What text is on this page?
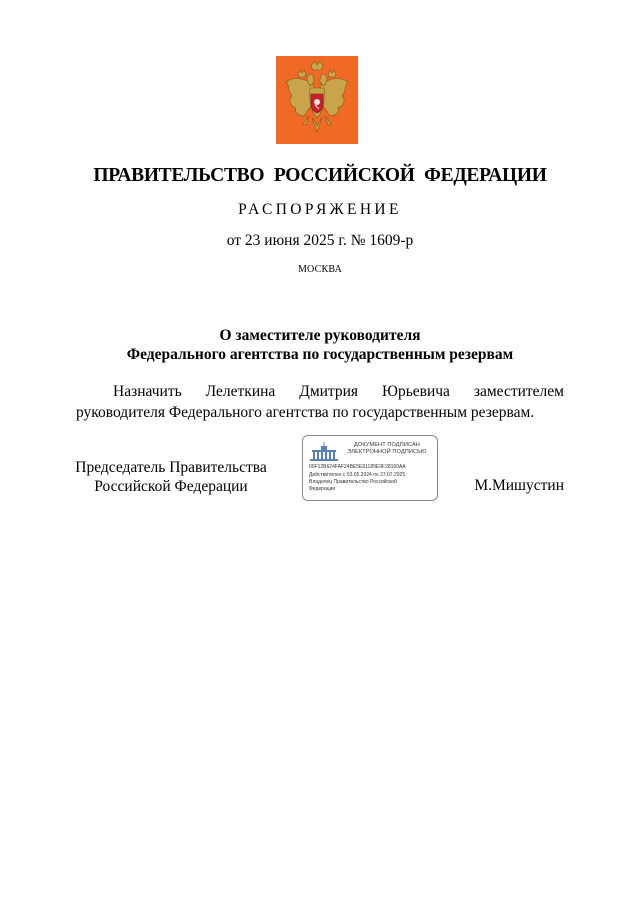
ПРАВИТЕЛЬСТВО РОССИЙСКОЙ ФЕДЕРАЦИИ
РАСПОРЯЖЕНИЕ
от 23 июня 2025 г. № 1609-р
МОСКВА
О заместителе руководителя
Федерального агентства по государственным резервам
Назначить Лелеткина Дмитрия Юрьевича заместителем
руководителя Федерального агентства по государственным резервам.
Председатель Правительства
Российской Федерации
ДОКУМЕНТ ПОДПИСАН
ЭЛЕКТРОННОЙ ПОДПИСЬЮ
00F12B624FAF24BE5E91189E9F28160AA
Действителен с 03.05.2024 по 27.07.2025
Владелец Правительство Российской
Федерации	М.Мишустин
